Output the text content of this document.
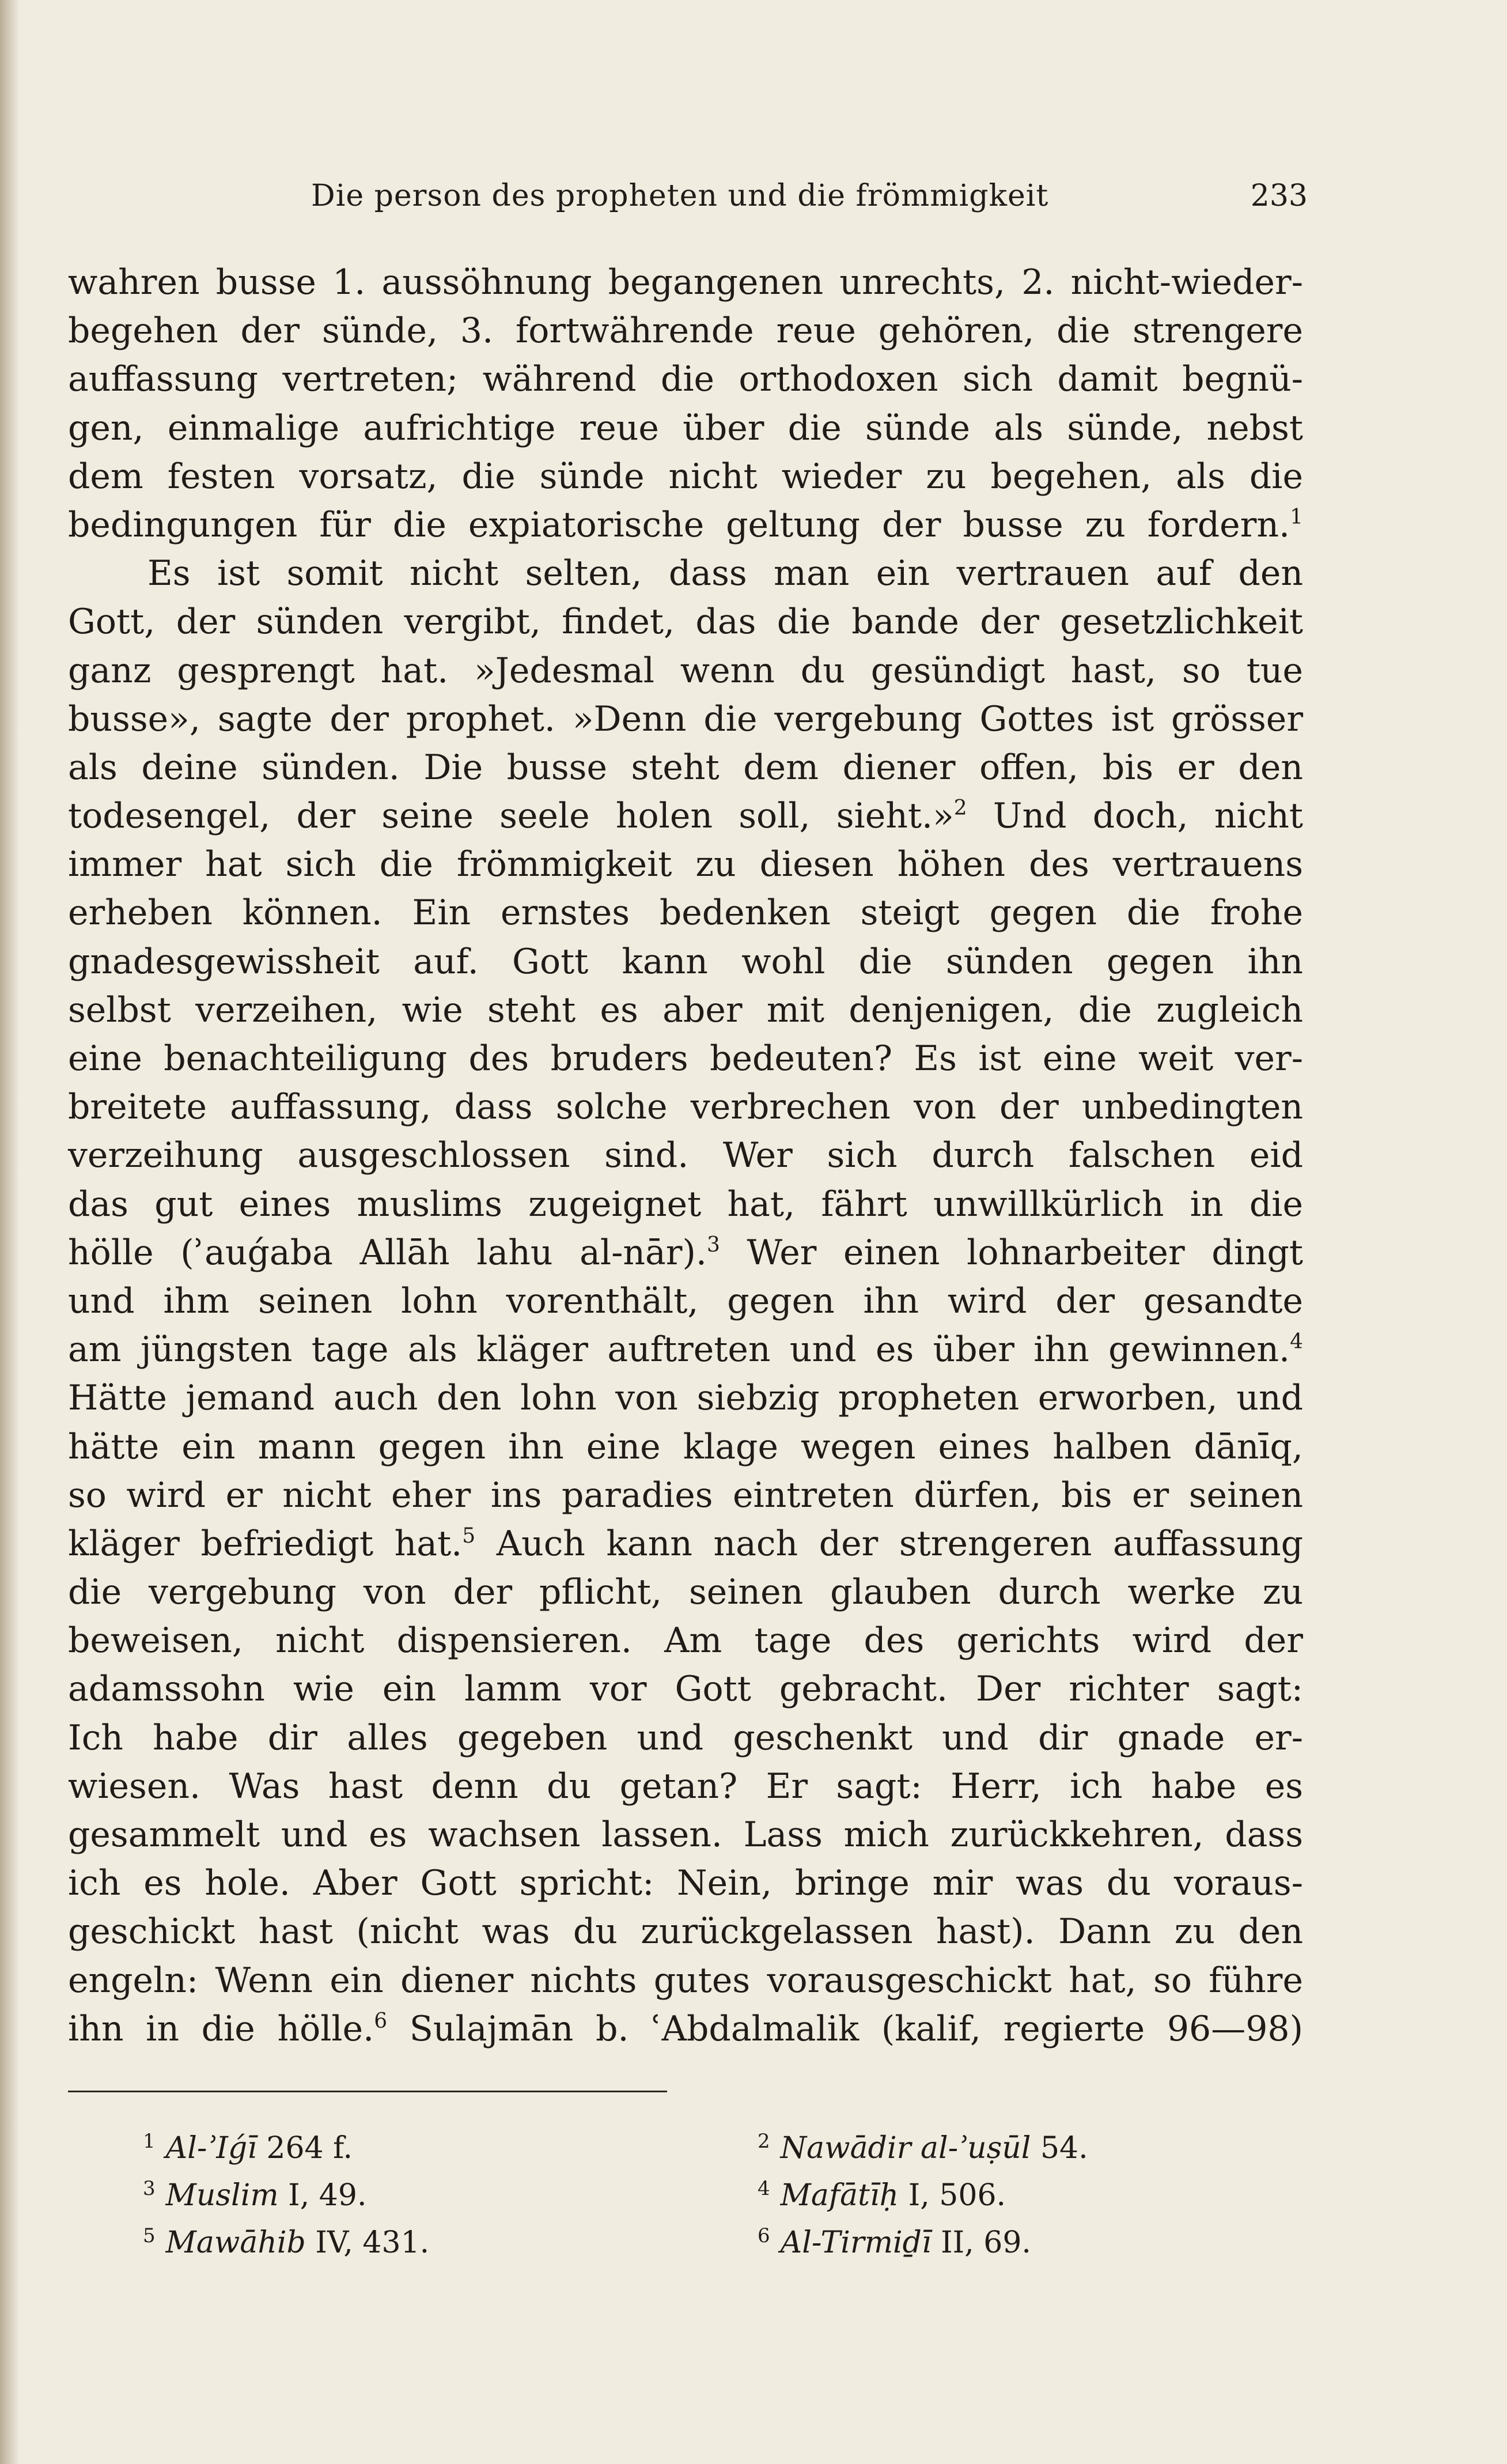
Die person des propheten und die frömmigkeit	233
wahren busse 1. aussöhnung begangenen unrechts, 2. nicht-wieder-
begehen der sünde, 3. fortwährende reue gehören, die strengere
auffassung vertreten; während die orthodoxen sich damit begnü-
gen, einmalige aufrichtige reue über die sünde als sünde, nebst
dem festen vorsatz, die sünde nicht wieder zu begehen, als die
bedingungen für die expiatorische geltung der busse zu fordern.$^1$
Es ist somit nicht selten, dass man ein vertrauen auf den
Gott, der sünden vergibt, findet, das die bande der gesetzlichkeit
ganz gesprengt hat. »Jedesmal wenn du gesündigt hast, so tue
busse», sagte der prophet. »Denn die vergebung Gottes ist grösser
als deine sünden. Die busse steht dem diener offen, bis er den
todesengel, der seine seele holen soll, sieht.»$^2$ Und doch, nicht
immer hat sich die frömmigkeit zu diesen höhen des vertrauens
erheben können. Ein ernstes bedenken steigt gegen die frohe
gnadesgewissheit auf. Gott kann wohl die sünden gegen ihn
selbst verzeihen, wie steht es aber mit denjenigen, die zugleich
eine benachteiligung des bruders bedeuten? Es ist eine weit ver-
breitete auffassung, dass solche verbrechen von der unbedingten
verzeihung ausgeschlossen sind. Wer sich durch falschen eid
das gut eines muslims zugeignet hat, fährt unwillkürlich in die
hölle (ʾauǵaba Allāh lahu al-nār).$^3$ Wer einen lohnarbeiter dingt
und ihm seinen lohn vorenthält, gegen ihn wird der gesandte
am jüngsten tage als kläger auftreten und es über ihn gewinnen.$^4$
Hätte jemand auch den lohn von siebzig propheten erworben, und
hätte ein mann gegen ihn eine klage wegen eines halben dānīq,
so wird er nicht eher ins paradies eintreten dürfen, bis er seinen
kläger befriedigt hat.$^5$ Auch kann nach der strengeren auffassung
die vergebung von der pflicht, seinen glauben durch werke zu
beweisen, nicht dispensieren. Am tage des gerichts wird der
adamssohn wie ein lamm vor Gott gebracht. Der richter sagt:
Ich habe dir alles gegeben und geschenkt und dir gnade er-
wiesen. Was hast denn du getan? Er sagt: Herr, ich habe es
gesammelt und es wachsen lassen. Lass mich zurückkehren, dass
ich es hole. Aber Gott spricht: Nein, bringe mir was du voraus-
geschickt hast (nicht was du zurückgelassen hast). Dann zu den
engeln: Wenn ein diener nichts gutes vorausgeschickt hat, so führe
ihn in die hölle.$^6$ Sulajmān b. ʿAbdalmalik (kalif, regierte 96—98)
$^1$ Al-ʾIǵī 264 f.	$^2$ Nawādir al-ʾuṣūl 54.
$^3$ Muslim I, 49.	$^4$ Mafātīḥ I, 506.
$^5$ Mawāhib IV, 431.	$^6$ Al-Tirmiḏī II, 69.
